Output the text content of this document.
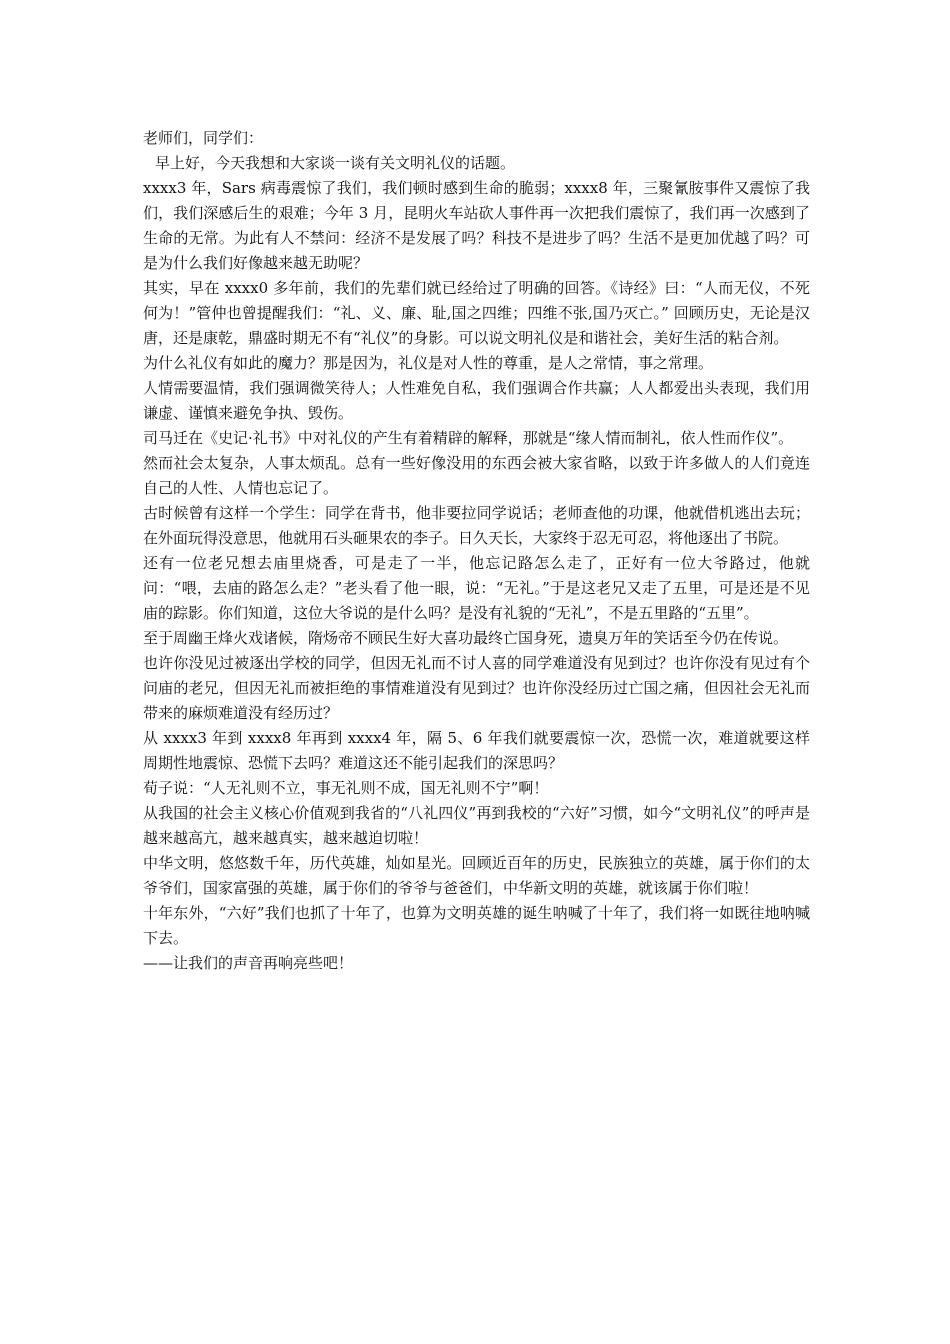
老师们，同学们：

早上好，今天我想和大家谈一谈有关文明礼仪的话题。

xxxx3 年，Sars 病毒震惊了我们，我们顿时感到生命的脆弱；xxxx8 年，三聚氰胺事件又震惊了我们，我们深感后生的艰难；今年 3 月，昆明火车站砍人事件再一次把我们震惊了，我们再一次感到了生命的无常。为此有人不禁问：经济不是发展了吗？科技不是进步了吗？生活不是更加优越了吗？可是为什么我们好像越来越无助呢？

其实，早在 xxxx0 多年前，我们的先辈们就已经给过了明确的回答。《诗经》曰：“人而无仪，不死何为！”管仲也曾提醒我们：“礼、义、廉、耻,国之四维；四维不张,国乃灭亡。” 回顾历史，无论是汉唐，还是康乾，鼎盛时期无不有“礼仪”的身影。可以说文明礼仪是和谐社会，美好生活的粘合剂。

为什么礼仪有如此的魔力？那是因为，礼仪是对人性的尊重，是人之常情，事之常理。

人情需要温情，我们强调微笑待人；人性难免自私，我们强调合作共赢；人人都爱出头表现，我们用谦虚、谨慎来避免争执、毁伤。

司马迁在《史记·礼书》中对礼仪的产生有着精辟的解释，那就是“缘人情而制礼，依人性而作仪”。

然而社会太复杂，人事太烦乱。总有一些好像没用的东西会被大家省略，以致于许多做人的人们竟连自己的人性、人情也忘记了。

古时候曾有这样一个学生：同学在背书，他非要拉同学说话；老师查他的功课，他就借机逃出去玩；在外面玩得没意思，他就用石头砸果农的李子。日久天长，大家终于忍无可忍，将他逐出了书院。

还有一位老兄想去庙里烧香，可是走了一半，他忘记路怎么走了，正好有一位大爷路过，他就问：“喂，去庙的路怎么走？”老头看了他一眼，说：“无礼。”于是这老兄又走了五里，可是还是不见庙的踪影。你们知道，这位大爷说的是什么吗？是没有礼貌的“无礼”，不是五里路的“五里”。

至于周幽王烽火戏诸候，隋炀帝不顾民生好大喜功最终亡国身死，遗臭万年的笑话至今仍在传说。

也许你没见过被逐出学校的同学，但因无礼而不讨人喜的同学难道没有见到过？也许你没有见过有个问庙的老兄，但因无礼而被拒绝的事情难道没有见到过？也许你没经历过亡国之痛，但因社会无礼而带来的麻烦难道没有经历过？

从 xxxx3 年到 xxxx8 年再到 xxxx4 年，隔 5、6 年我们就要震惊一次，恐慌一次，难道就要这样周期性地震惊、恐慌下去吗？难道这还不能引起我们的深思吗？

荀子说：“人无礼则不立，事无礼则不成，国无礼则不宁”啊！

从我国的社会主义核心价值观到我省的“八礼四仪”再到我校的“六好”习惯，如今“文明礼仪”的呼声是越来越高亢，越来越真实，越来越迫切啦！

中华文明，悠悠数千年，历代英雄，灿如星光。回顾近百年的历史，民族独立的英雄，属于你们的太爷爷们，国家富强的英雄，属于你们的爷爷与爸爸们，中华新文明的英雄，就该属于你们啦！

十年东外，“六好”我们也抓了十年了，也算为文明英雄的诞生呐喊了十年了，我们将一如既往地呐喊下去。

——让我们的声音再响亮些吧！
